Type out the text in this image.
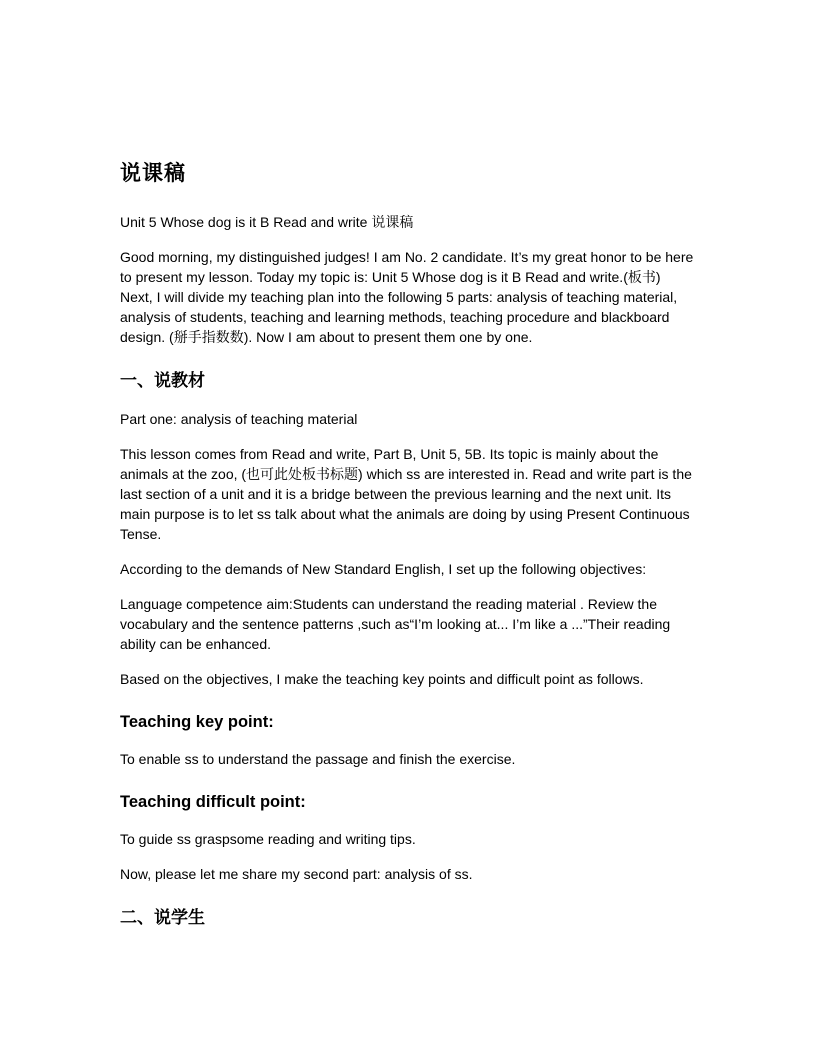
说课稿

Unit 5 Whose dog is it B Read and write 说课稿

Good morning, my distinguished judges! I am No. 2 candidate. It’s my great honor to be here to present my lesson. Today my topic is: Unit 5 Whose dog is it B Read and write.(板书) Next, I will divide my teaching plan into the following 5 parts: analysis of teaching material, analysis of students, teaching and learning methods, teaching procedure and blackboard design. (掰手指数数). Now I am about to present them one by one.

一、说教材

Part one: analysis of teaching material

This lesson comes from Read and write, Part B, Unit 5, 5B. Its topic is mainly about the animals at the zoo, (也可此处板书标题) which ss are interested in. Read and write part is the last section of a unit and it is a bridge between the previous learning and the next unit. Its main purpose is to let ss talk about what the animals are doing by using Present Continuous Tense.

According to the demands of New Standard English, I set up the following objectives:

Language competence aim:Students can understand the reading material . Review the vocabulary and the sentence patterns ,such as“I’m looking at... I’m like a ...”Their reading ability can be enhanced.

Based on the objectives, I make the teaching key points and difficult point as follows.

Teaching key point:

To enable ss to understand the passage and finish the exercise.

Teaching difficult point:

To guide ss graspsome reading and writing tips.

Now, please let me share my second part: analysis of ss.

二、说学生
